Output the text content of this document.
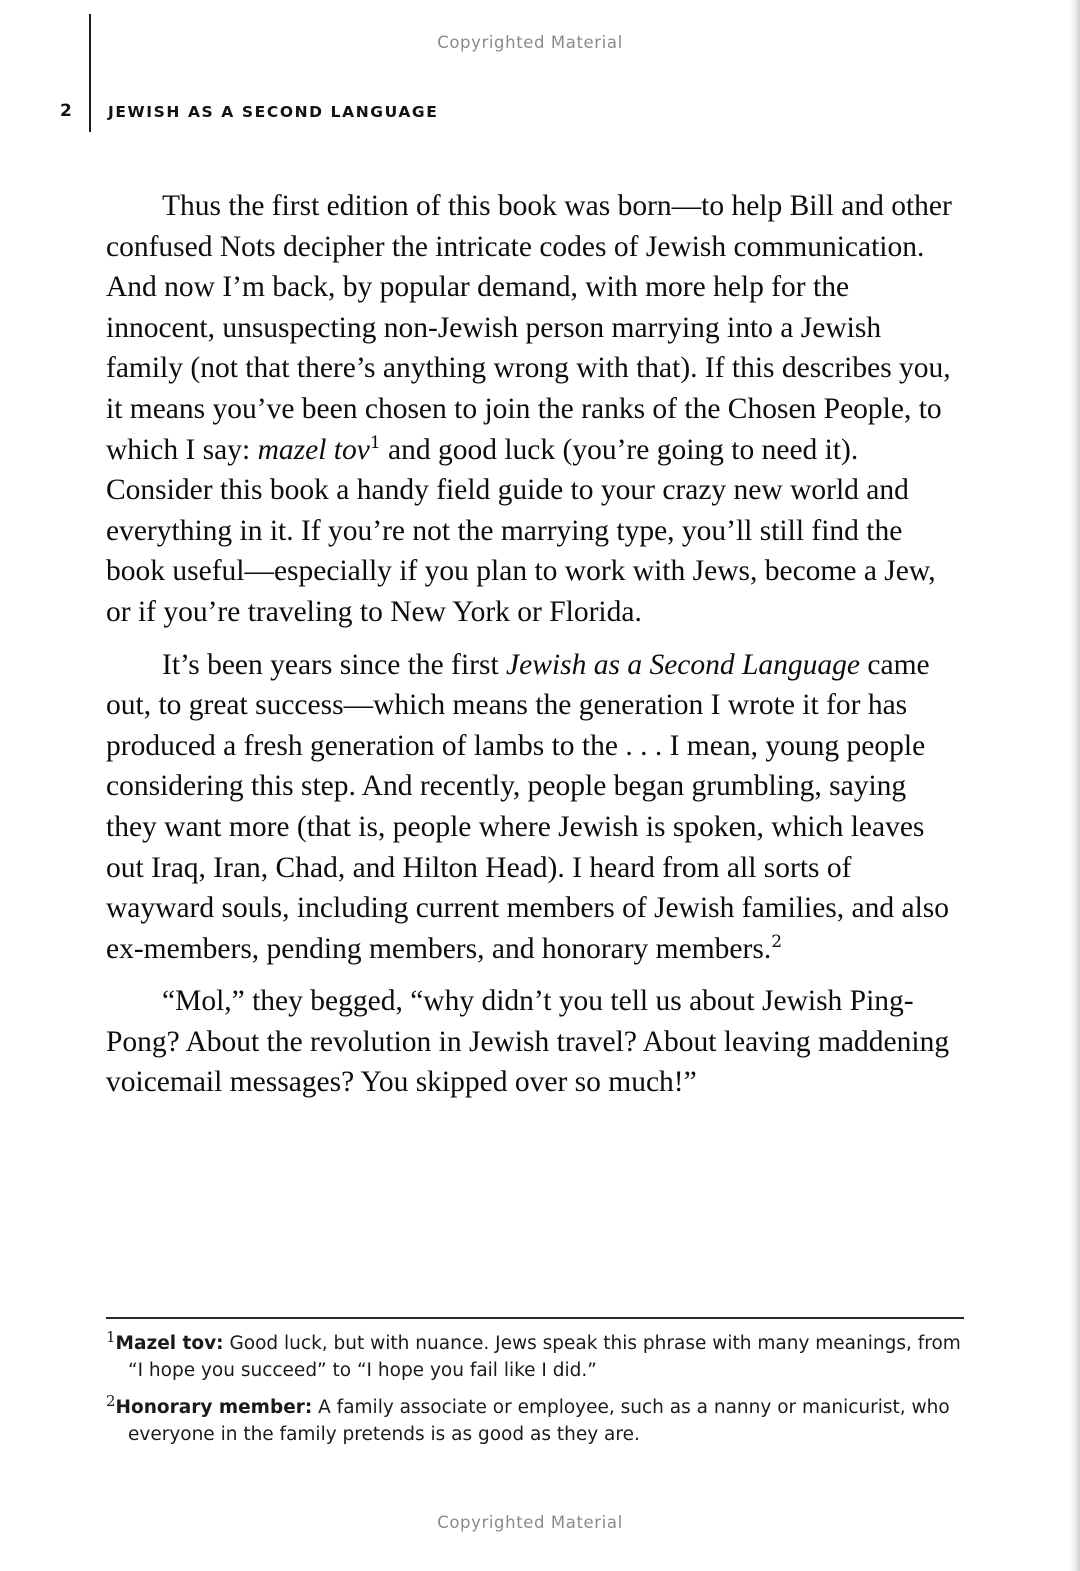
Copyrighted Material
2 JEWISH AS A SECOND LANGUAGE

Thus the first edition of this book was born—to help Bill and other confused Nots decipher the intricate codes of Jewish communication. And now I’m back, by popular demand, with more help for the innocent, unsuspecting non-Jewish person marrying into a Jewish family (not that there’s anything wrong with that). If this describes you, it means you’ve been chosen to join the ranks of the Chosen People, to which I say: mazel tov$^1$ and good luck (you’re going to need it). Consider this book a handy field guide to your crazy new world and everything in it. If you’re not the marrying type, you’ll still find the book useful—especially if you plan to work with Jews, become a Jew, or if you’re traveling to New York or Florida.

It’s been years since the first Jewish as a Second Language came out, to great success—which means the generation I wrote it for has produced a fresh generation of lambs to the . . . I mean, young people considering this step. And recently, people began grumbling, saying they want more (that is, people where Jewish is spoken, which leaves out Iraq, Iran, Chad, and Hilton Head). I heard from all sorts of wayward souls, including current members of Jewish families, and also ex-members, pending members, and honorary members.$^2$

“Mol,” they begged, “why didn’t you tell us about Jewish Ping-Pong? About the revolution in Jewish travel? About leaving maddening voicemail messages? You skipped over so much!”

$^1$Mazel tov: Good luck, but with nuance. Jews speak this phrase with many meanings, from “I hope you succeed” to “I hope you fail like I did.”
$^2$Honorary member: A family associate or employee, such as a nanny or manicurist, who everyone in the family pretends is as good as they are.
Copyrighted Material
